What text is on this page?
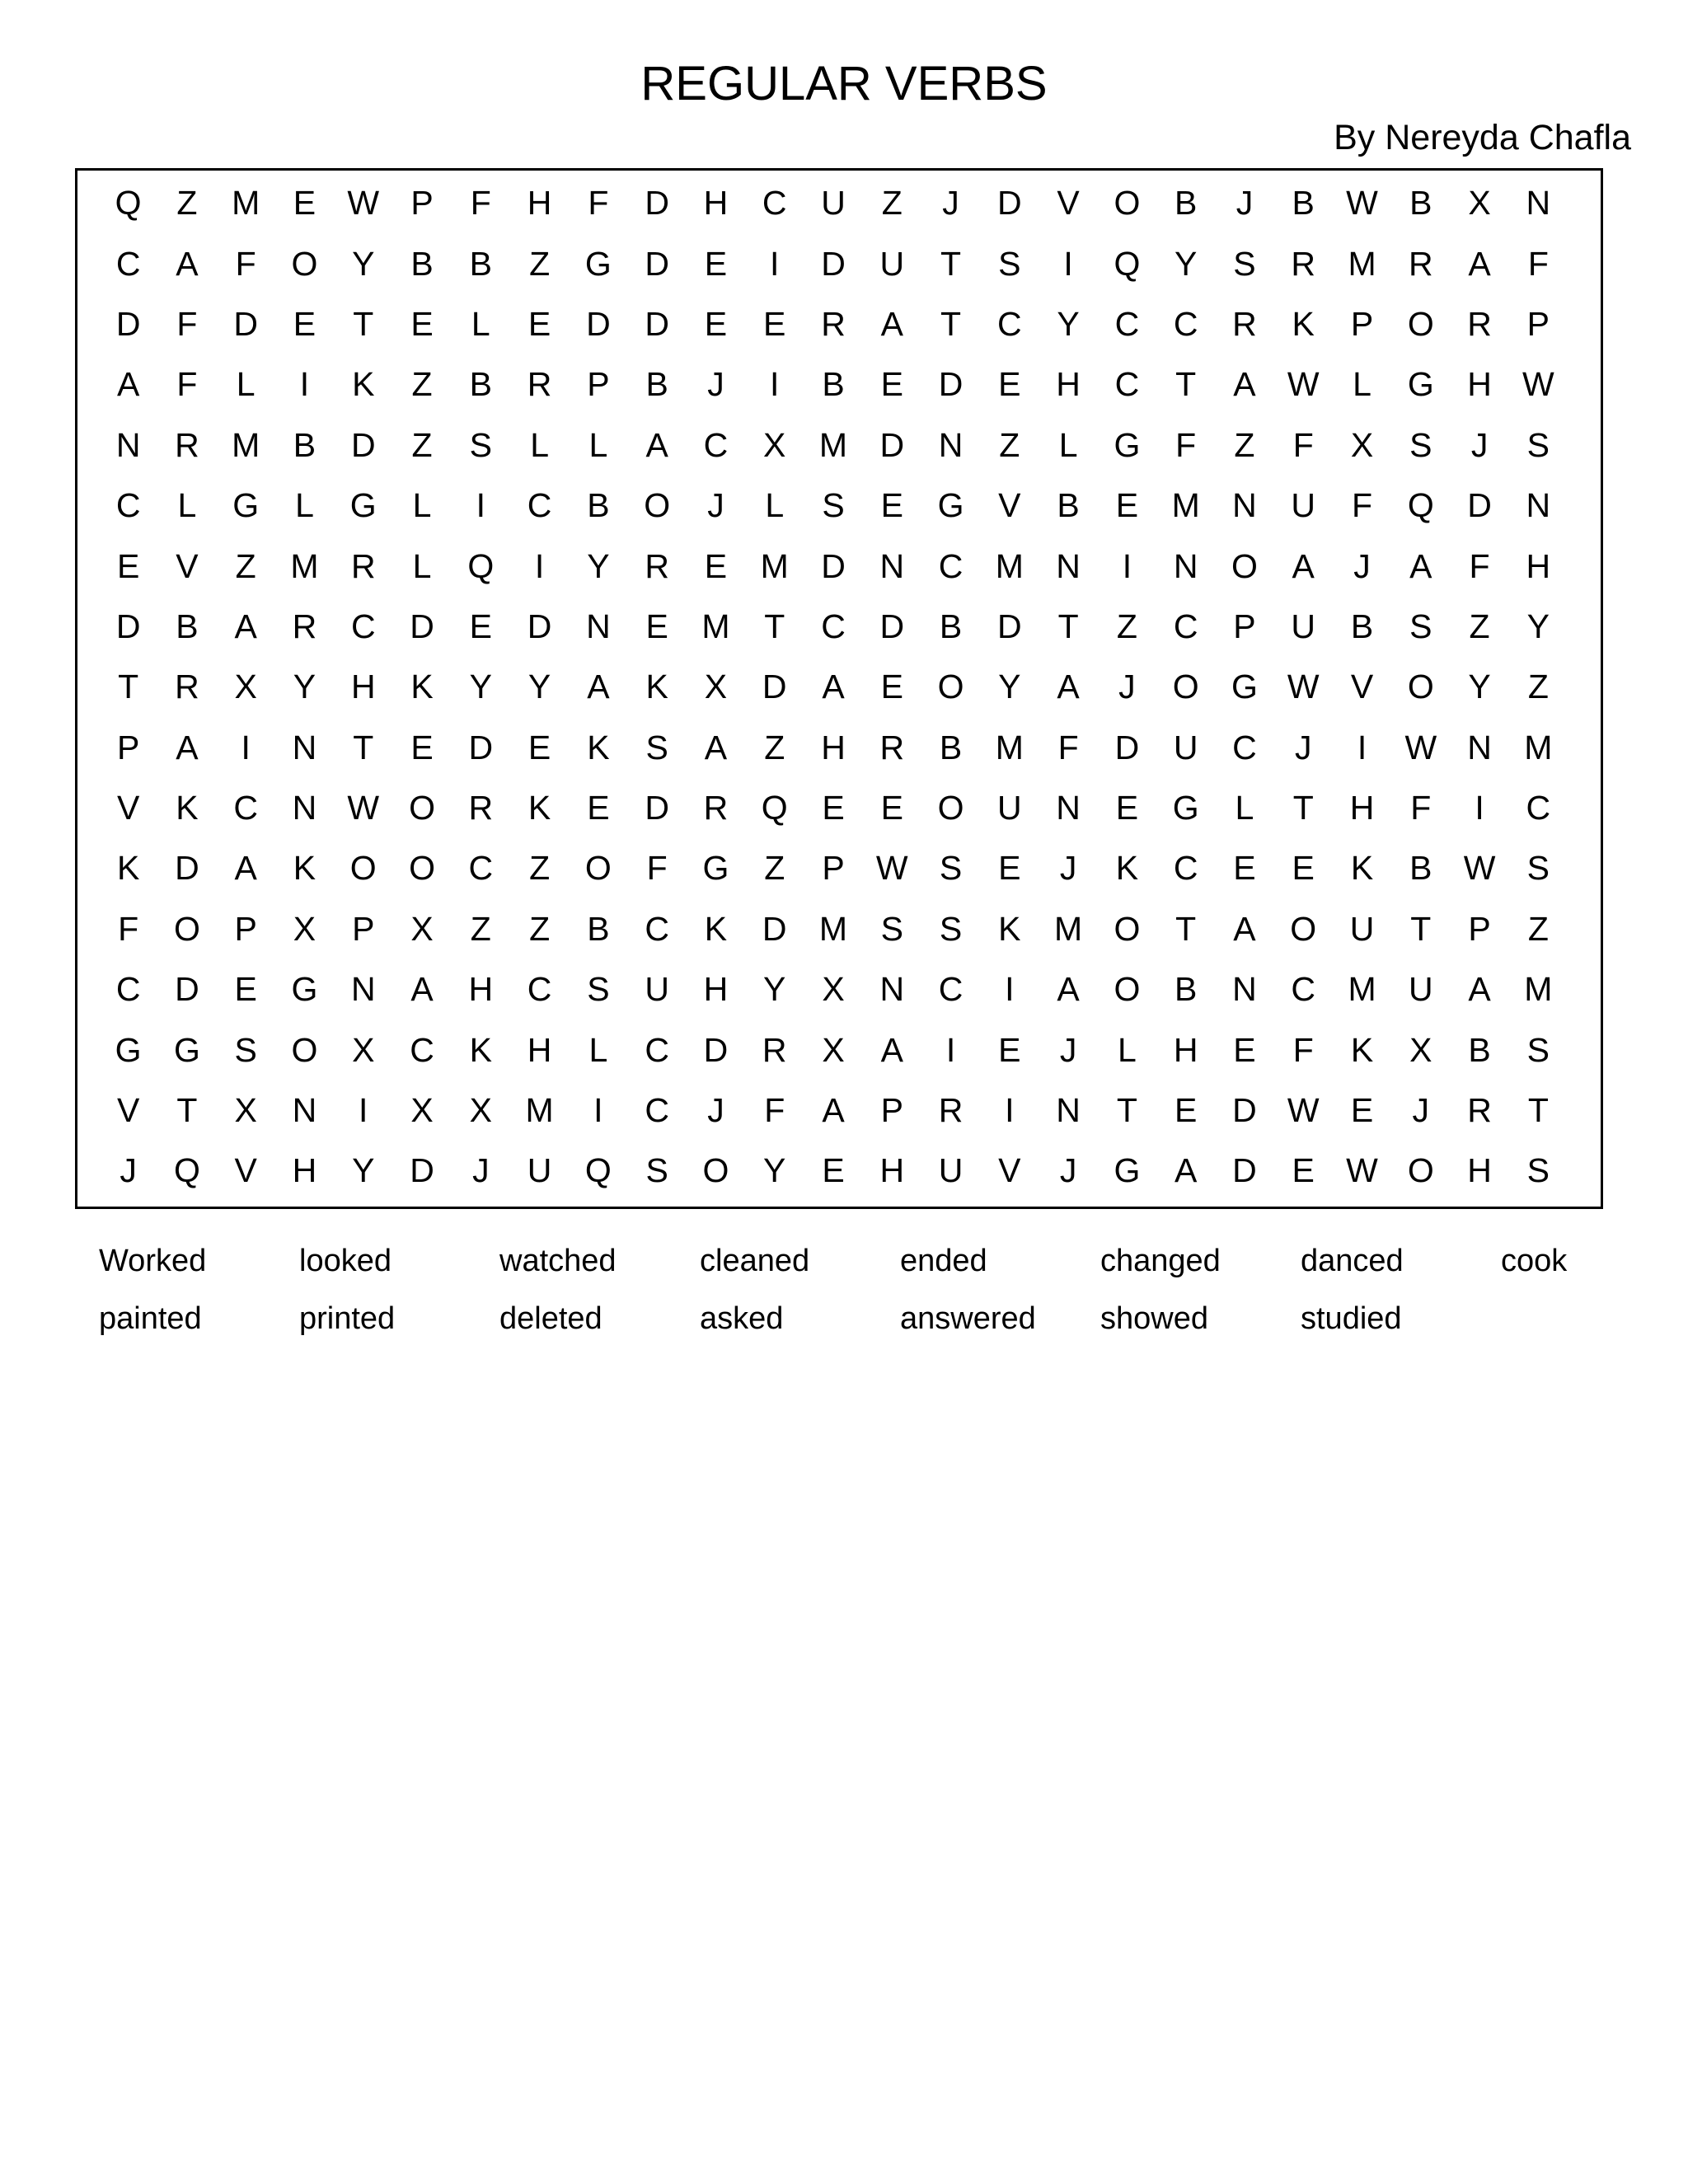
REGULAR VERBS
By Nereyda Chafla
Q	Z	M E W P	F	H	F	D	H	C	U	Z	J	D	V	O	B	J	B W B	X	N
C	A	F	O	Y	B	B	Z	G D	E	I	D	U	T	S	I	Q	Y	S	R M R	A	F
D	F	D	E	T	E	L	E	D	D	E	E	R	A	T	C	Y	C	C	R	K	P	O R	P
A	F	L	I	K	Z	B	R	P	B	J	I	B	E	D	E	H	C	T	A W L	G H W
N	R M B	D	Z	S	L	L	A	C	X M D	N	Z	L	G	F	Z	F	X	S	J	S
C	L	G	L	G	L	I	C	B	O	J	L	S	E	G	V	B	E M N	U	F	Q D	N
E	V	Z	M R	L	Q	I	Y	R	E M D	N	C M N	I	N O	A	J	A	F	H
D	B	A	R	C	D	E	D	N	E M	T	C	D	B	D	T	Z	C	P	U	B	S	Z	Y
T	R	X	Y	H	K	Y	Y	A	K	X	D	A	E	O	Y	A	J	O G W V	O	Y	Z
P	A	I	N	T	E	D	E	K	S	A	Z	H	R	B M	F	D	U	C	J	I	W N M
V	K	C	N W O R	K	E	D	R Q	E	E	O U	N	E	G	L	T	H	F	I	C
K	D	A	K	O O C	Z	O	F	G	Z	P W S	E	J	K	C	E	E	K	B W S
F	O	P	X	P	X	Z	Z	B	C	K	D M S	S	K M O	T	A	O U	T	P	Z
C	D	E	G N	A	H	C	S	U	H	Y	X	N	C	I	A	O	B	N	C M U	A M
G G	S	O	X	C	K	H	L	C	D	R	X	A	I	E	J	L	H	E	F	K	X	B	S
V	T	X	N	I	X	X M	I	C	J	F	A	P	R	I	N	T	E	D W E	J	R	T
J	Q	V	H	Y	D	J	U Q	S	O	Y	E	H	U	V	J	G	A	D	E W O H	S
Worked	looked	watched	cleaned	ended	changed	danced	cook
painted	printed	deleted	asked	answered	showed	studied
